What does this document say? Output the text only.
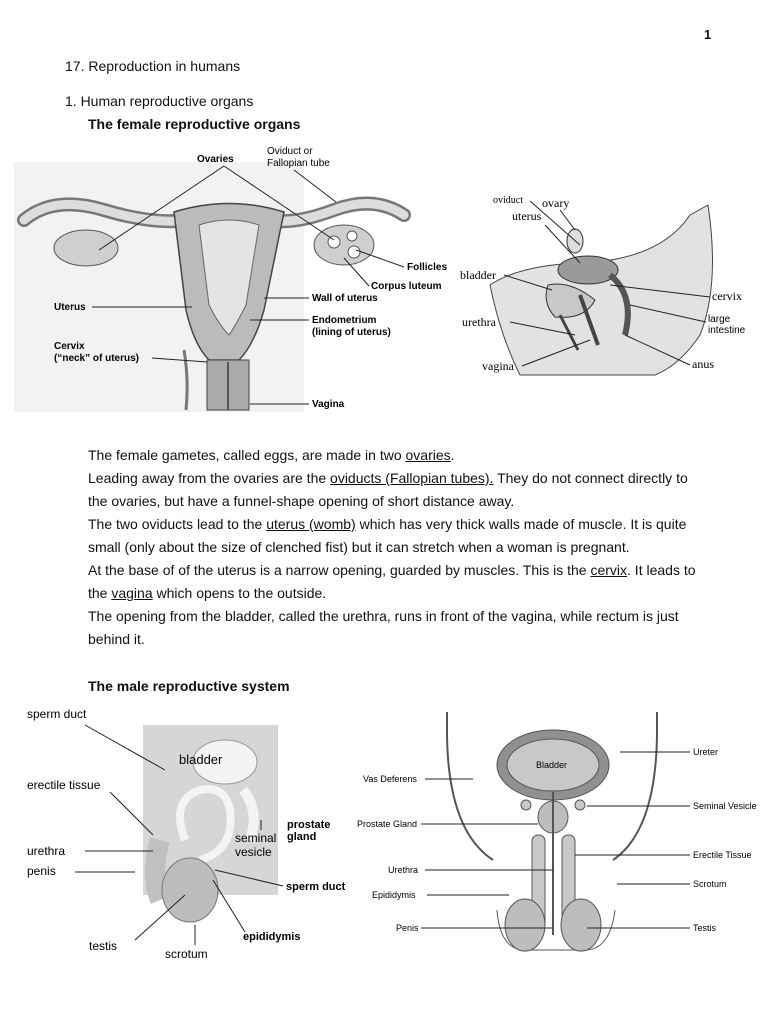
1
17. Reproduction in humans
1. Human reproductive organs
The female reproductive organs
Ovaries
Oviduct or
Fallopian tube
Follicles
Corpus luteum
Uterus
Wall of uterus
Endometrium
(lining of uterus)
Cervix
(“neck” of uterus)
Vagina
oviduct ovary
uterus
bladder
cervix
large
intestine
urethra
vagina	anus
The female gametes, called eggs, are made in two ovaries.
Leading away from the ovaries are the oviducts (Fallopian tubes). They do not connect directly to the ovaries, but have a funnel-shape opening of short distance away.
The two oviducts lead to the uterus (womb) which has very thick walls made of muscle. It is quite small (only about the size of clenched fist) but it can stretch when a woman is pregnant.
At the base of of the uterus is a narrow opening, guarded by muscles. This is the cervix. It leads to the vagina which opens to the outside.
The opening from the bladder, called the urethra, runs in front of the vagina, while rectum is just behind it.
The male reproductive system
sperm duct
bladder
erectile tissue
prostate
gland
urethra
seminal
vesicle
penis
sperm duct
testis
epididymis
scrotum
Bladder
Ureter
Vas Deferens
Seminal Vesicle
Prostate Gland
Erectile Tissue
Urethra
Scrotum
Epididymis
Penis	Testis
